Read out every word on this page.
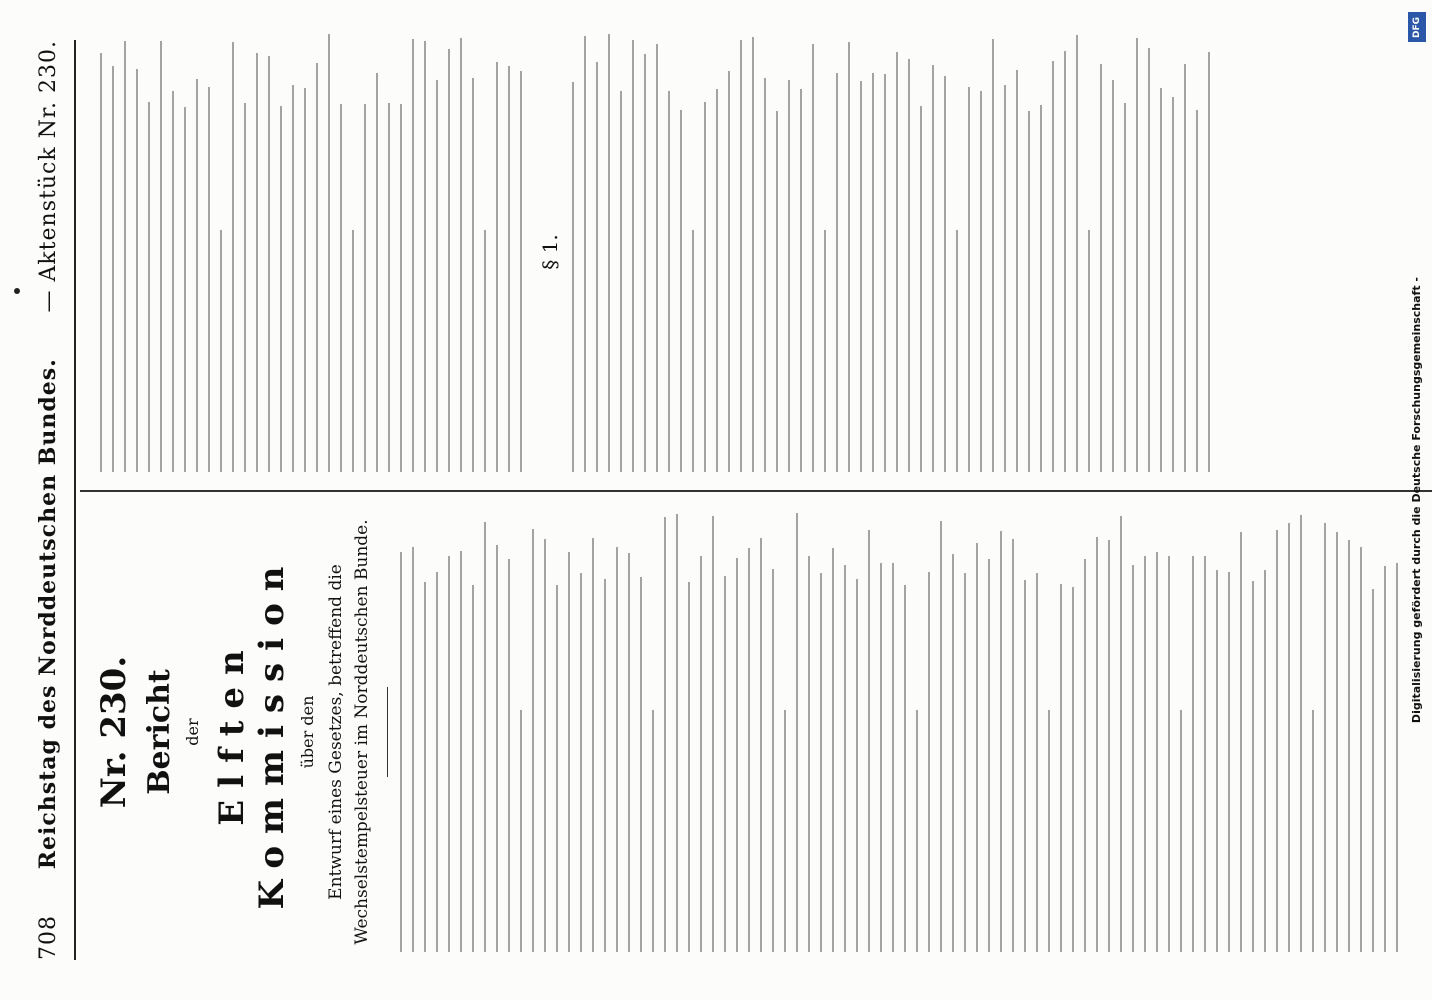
708
Reichstag des Norddeutschen Bundes.
— Aktenstück Nr. 230.
Nr. 230. Bericht der Elften Kommission über den Entwurf eines Gesetzes, betreffend die Wechselstempelsteuer im Norddeutschen Bunde.
§ 1.
Digitalisierung gefördert durch die Deutsche Forschungsgemeinschaft -
DFG
